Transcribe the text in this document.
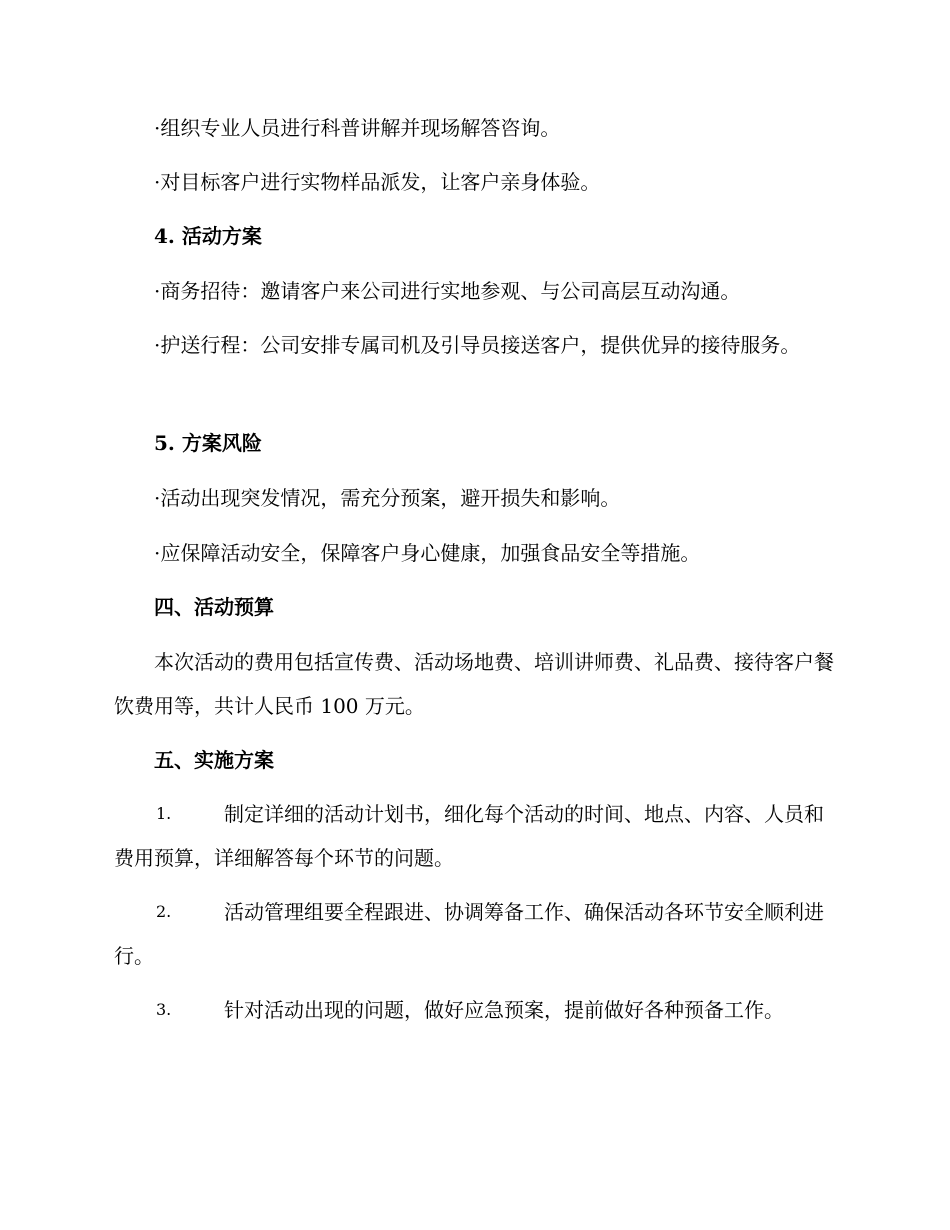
·组织专业人员进行科普讲解并现场解答咨询。

·对目标客户进行实物样品派发，让客户亲身体验。

4. 活动方案

·商务招待：邀请客户来公司进行实地参观、与公司高层互动沟通。

·护送行程：公司安排专属司机及引导员接送客户，提供优异的接待服务。

5. 方案风险

·活动出现突发情况，需充分预案，避开损失和影响。

·应保障活动安全，保障客户身心健康，加强食品安全等措施。

四、活动预算

本次活动的费用包括宣传费、活动场地费、培训讲师费、礼品费、接待客户餐饮费用等，共计人民币 100 万元。

五、实施方案

1.	制定详细的活动计划书，细化每个活动的时间、地点、内容、人员和费用预算，详细解答每个环节的问题。
2.	活动管理组要全程跟进、协调筹备工作、确保活动各环节安全顺利进行。
3.	针对活动出现的问题，做好应急预案，提前做好各种预备工作。
